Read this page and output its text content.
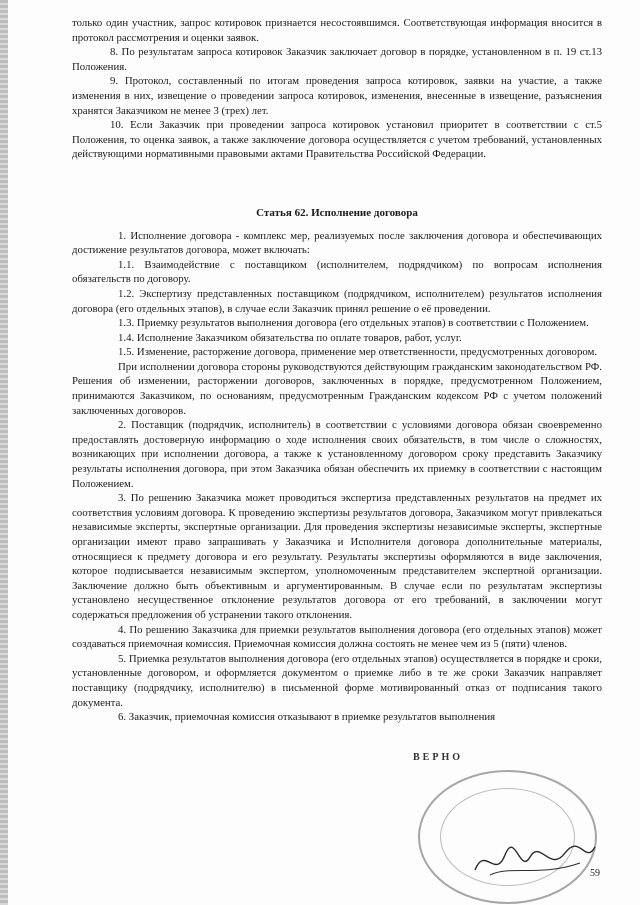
только один участник, запрос котировок признается несостоявшимся. Соответствующая информация вносится в протокол рассмотрения и оценки заявок.

8. По результатам запроса котировок Заказчик заключает договор в порядке, установленном в п. 19 ст.13 Положения.

9. Протокол, составленный по итогам проведения запроса котировок, заявки на участие, а также изменения в них, извещение о проведении запроса котировок, изменения, внесенные в извещение, разъяснения хранятся Заказчиком не менее 3 (трех) лет.

10. Если Заказчик при проведении запроса котировок установил приоритет в соответствии с ст.5 Положения, то оценка заявок, а также заключение договора осуществляется с учетом требований, установленных действующими нормативными правовыми актами Правительства Российской Федерации.

Статья 62. Исполнение договора

1. Исполнение договора - комплекс мер, реализуемых после заключения договора и обеспечивающих достижение результатов договора, может включать:

1.1. Взаимодействие с поставщиком (исполнителем, подрядчиком) по вопросам исполнения обязательств по договору.

1.2. Экспертизу представленных поставщиком (подрядчиком, исполнителем) результатов исполнения договора (его отдельных этапов), в случае если Заказчик принял решение о её проведении.

1.3. Приемку результатов выполнения договора (его отдельных этапов) в соответствии с Положением.

1.4. Исполнение Заказчиком обязательства по оплате товаров, работ, услуг.

1.5. Изменение, расторжение договора, применение мер ответственности, предусмотренных договором.

При исполнении договора стороны руководствуются действующим гражданским законодательством РФ. Решения об изменении, расторжении договоров, заключенных в порядке, предусмотренном Положением, принимаются Заказчиком, по основаниям, предусмотренным Гражданским кодексом РФ с учетом положений заключенных договоров.

2. Поставщик (подрядчик, исполнитель) в соответствии с условиями договора обязан своевременно предоставлять достоверную информацию о ходе исполнения своих обязательств, в том числе о сложностях, возникающих при исполнении договора, а также к установленному договором сроку представить Заказчику результаты исполнения договора, при этом Заказчика обязан обеспечить их приемку в соответствии с настоящим Положением.

3. По решению Заказчика может проводиться экспертиза представленных результатов на предмет их соответствия условиям договора. К проведению экспертизы результатов договора, Заказчиком могут привлекаться независимые эксперты, экспертные организации. Для проведения экспертизы независимые эксперты, экспертные организации имеют право запрашивать у Заказчика и Исполнителя договора дополнительные материалы, относящиеся к предмету договора и его результату. Результаты экспертизы оформляются в виде заключения, которое подписывается независимым экспертом, уполномоченным представителем экспертной организации. Заключение должно быть объективным и аргументированным. В случае если по результатам экспертизы установлено несущественное отклонение результатов договора от его требований, в заключении могут содержаться предложения об устранении такого отклонения.

4. По решению Заказчика для приемки результатов выполнения договора (его отдельных этапов) может создаваться приемочная комиссия. Приемочная комиссия должна состоять не менее чем из 5 (пяти) членов.

5. Приемка результатов выполнения договора (его отдельных этапов) осуществляется в порядке и сроки, установленные договором, и оформляется документом о приемке либо в те же сроки Заказчик направляет поставщику (подрядчику, исполнителю) в письменной форме мотивированный отказ от подписания такого документа.

6. Заказчик, приемочная комиссия отказывают в приемке результатов выполнения

ВЕРНО
59
